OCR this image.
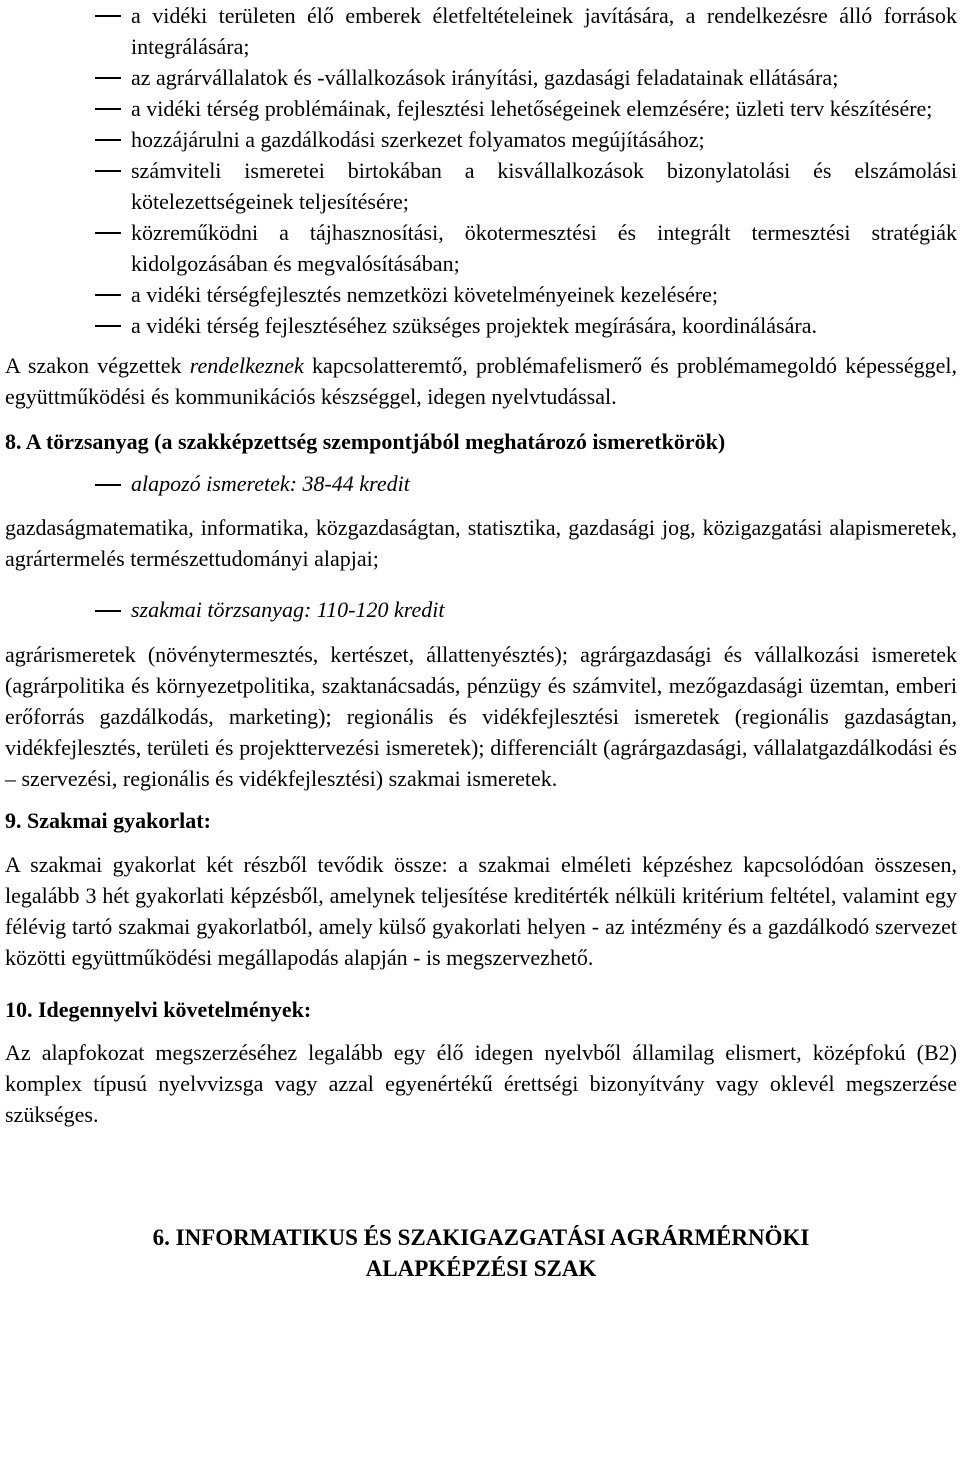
a vidéki területen élő emberek életfeltételeinek javítására, a rendelkezésre álló források integrálására;
az agrárvállalatok és -vállalkozások irányítási, gazdasági feladatainak ellátására;
a vidéki térség problémáinak, fejlesztési lehetőségeinek elemzésére; üzleti terv készítésére;
hozzájárulni a gazdálkodási szerkezet folyamatos megújításához;
számviteli ismeretei birtokában a kisvállalkozások bizonylatolási és elszámolási kötelezettségeinek teljesítésére;
közreműködni a tájhasznosítási, ökotermesztési és integrált termesztési stratégiák kidolgozásában és megvalósításában;
a vidéki térségfejlesztés nemzetközi követelményeinek kezelésére;
a vidéki térség fejlesztéséhez szükséges projektek megírására, koordinálására.

A szakon végzettek rendelkeznek kapcsolatteremtő, problémafelismerő és problémamegoldó képességgel, együttműködési és kommunikációs készséggel, idegen nyelvtudással.

8. A törzsanyag (a szakképzettség szempontjából meghatározó ismeretkörök)

alapozó ismeretek: 38-44 kredit

gazdaságmatematika, informatika, közgazdaságtan, statisztika, gazdasági jog, közigazgatási alapismeretek, agrártermelés természettudományi alapjai;

szakmai törzsanyag: 110-120 kredit

agrárismeretek (növénytermesztés, kertészet, állattenyésztés); agrárgazdasági és vállalkozási ismeretek (agrárpolitika és környezetpolitika, szaktanácsadás, pénzügy és számvitel, mezőgazdasági üzemtan, emberi erőforrás gazdálkodás, marketing); regionális és vidékfejlesztési ismeretek (regionális gazdaságtan, vidékfejlesztés, területi és projekttervezési ismeretek); differenciált (agrárgazdasági, vállalatgazdálkodási és – szervezési, regionális és vidékfejlesztési) szakmai ismeretek.

9. Szakmai gyakorlat:

A szakmai gyakorlat két részből tevődik össze: a szakmai elméleti képzéshez kapcsolódóan összesen, legalább 3 hét gyakorlati képzésből, amelynek teljesítése kreditérték nélküli kritérium feltétel, valamint egy félévig tartó szakmai gyakorlatból, amely külső gyakorlati helyen - az intézmény és a gazdálkodó szervezet közötti együttműködési megállapodás alapján - is megszervezhető.

10. Idegennyelvi követelmények:

Az alapfokozat megszerzéséhez legalább egy élő idegen nyelvből államilag elismert, középfokú (B2) komplex típusú nyelvvizsga vagy azzal egyenértékű érettségi bizonyítvány vagy oklevél megszerzése szükséges.

6. INFORMATIKUS ÉS SZAKIGAZGATÁSI AGRÁRMÉRNÖKI
ALAPKÉPZÉSI SZAK
